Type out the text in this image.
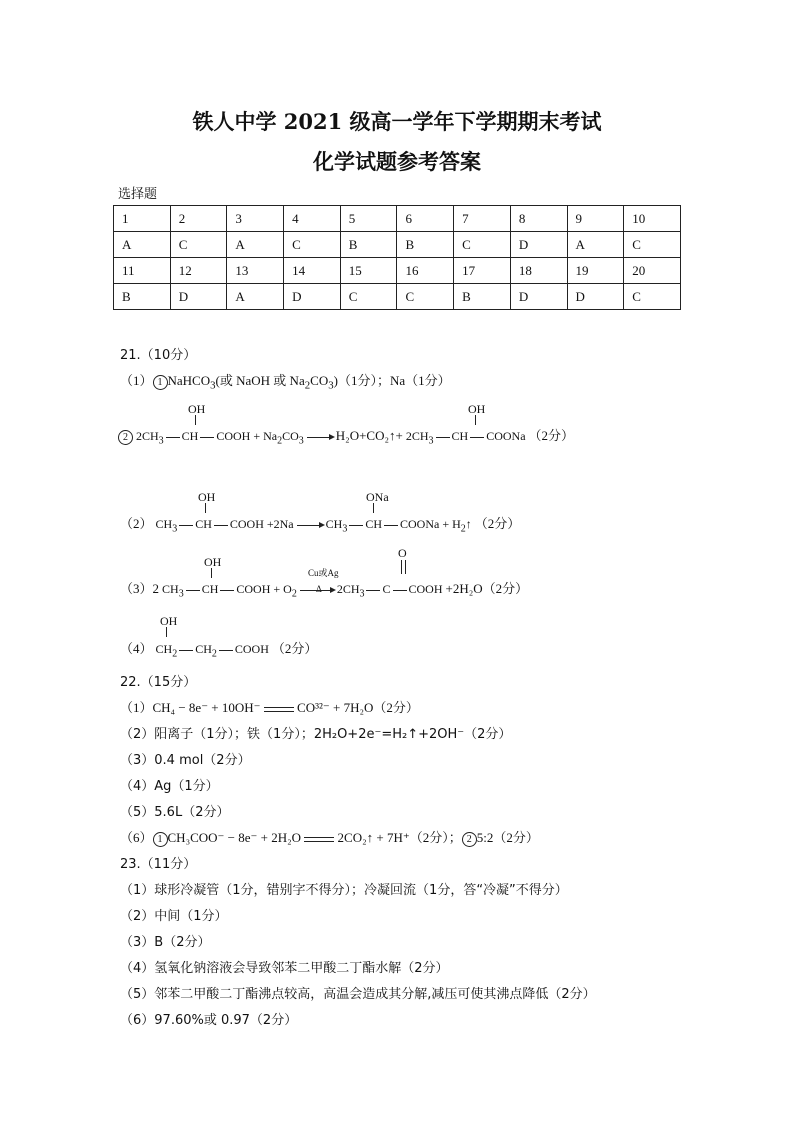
铁人中学 2021 级高一学年下学期期末考试
化学试题参考答案
选择题
1	2	3	4	5	6	7	8	9	10
A	C	A	C	B	B	C	D	A	C
11	12	13	14	15	16	17	18	19	20
B	D	A	D	C	C	B	D	D	C
21.（10分）
（1） 1 NaHCO$_3$(或 NaOH 或 $Na_2CO_3)(1$分）；Na（1分）
OH	OH
2 $2CH_3$ CH COOH + $Na_2CO_3$ → H₂O+CO₂↑+ $2CH_3$ CH COONa （2分）
OH	ONa
（2） $CH_3$ CH COOH $+2Na \to CH_3$ CH COONa + $H_2↑$ （2分）
OH
O
Cu或Ag
Δ
（3）2 $CH_3$ CH COOH + $O_2 \to 2CH_3$ C COOH +2H₂O（2分）
OH
（4） $CH_2$ $CH_2$ COOH （2分）
22.（15分）
（1）CH₄ − 8e⁻ + 10OH⁻	CO³²⁻ + 7H₂O（2分）
（2）阳离子（1分）；铁（1分）；2H₂O+2e⁻=H₂↑+2OH⁻（2分）
（3）0.4 mol（2分）
（4）Ag（1分）
（5）5.6L（2分）
（6） 1 CH₃COO⁻ − 8e⁻ + 2H₂O	2CO₂↑ + 7H⁺（2分）； 2 5:2（2分）
23.（11分）
（1）球形冷凝管（1分，错别字不得分）；冷凝回流（1分，答“冷凝”不得分）
（2）中间（1分）
（3）B（2分）
（4）氢氧化钠溶液会导致邻苯二甲酸二丁酯水解（2分）
（5）邻苯二甲酸二丁酯沸点较高，高温会造成其分解,减压可使其沸点降低（2分）
（6）97.60%或 0.97（2分）
